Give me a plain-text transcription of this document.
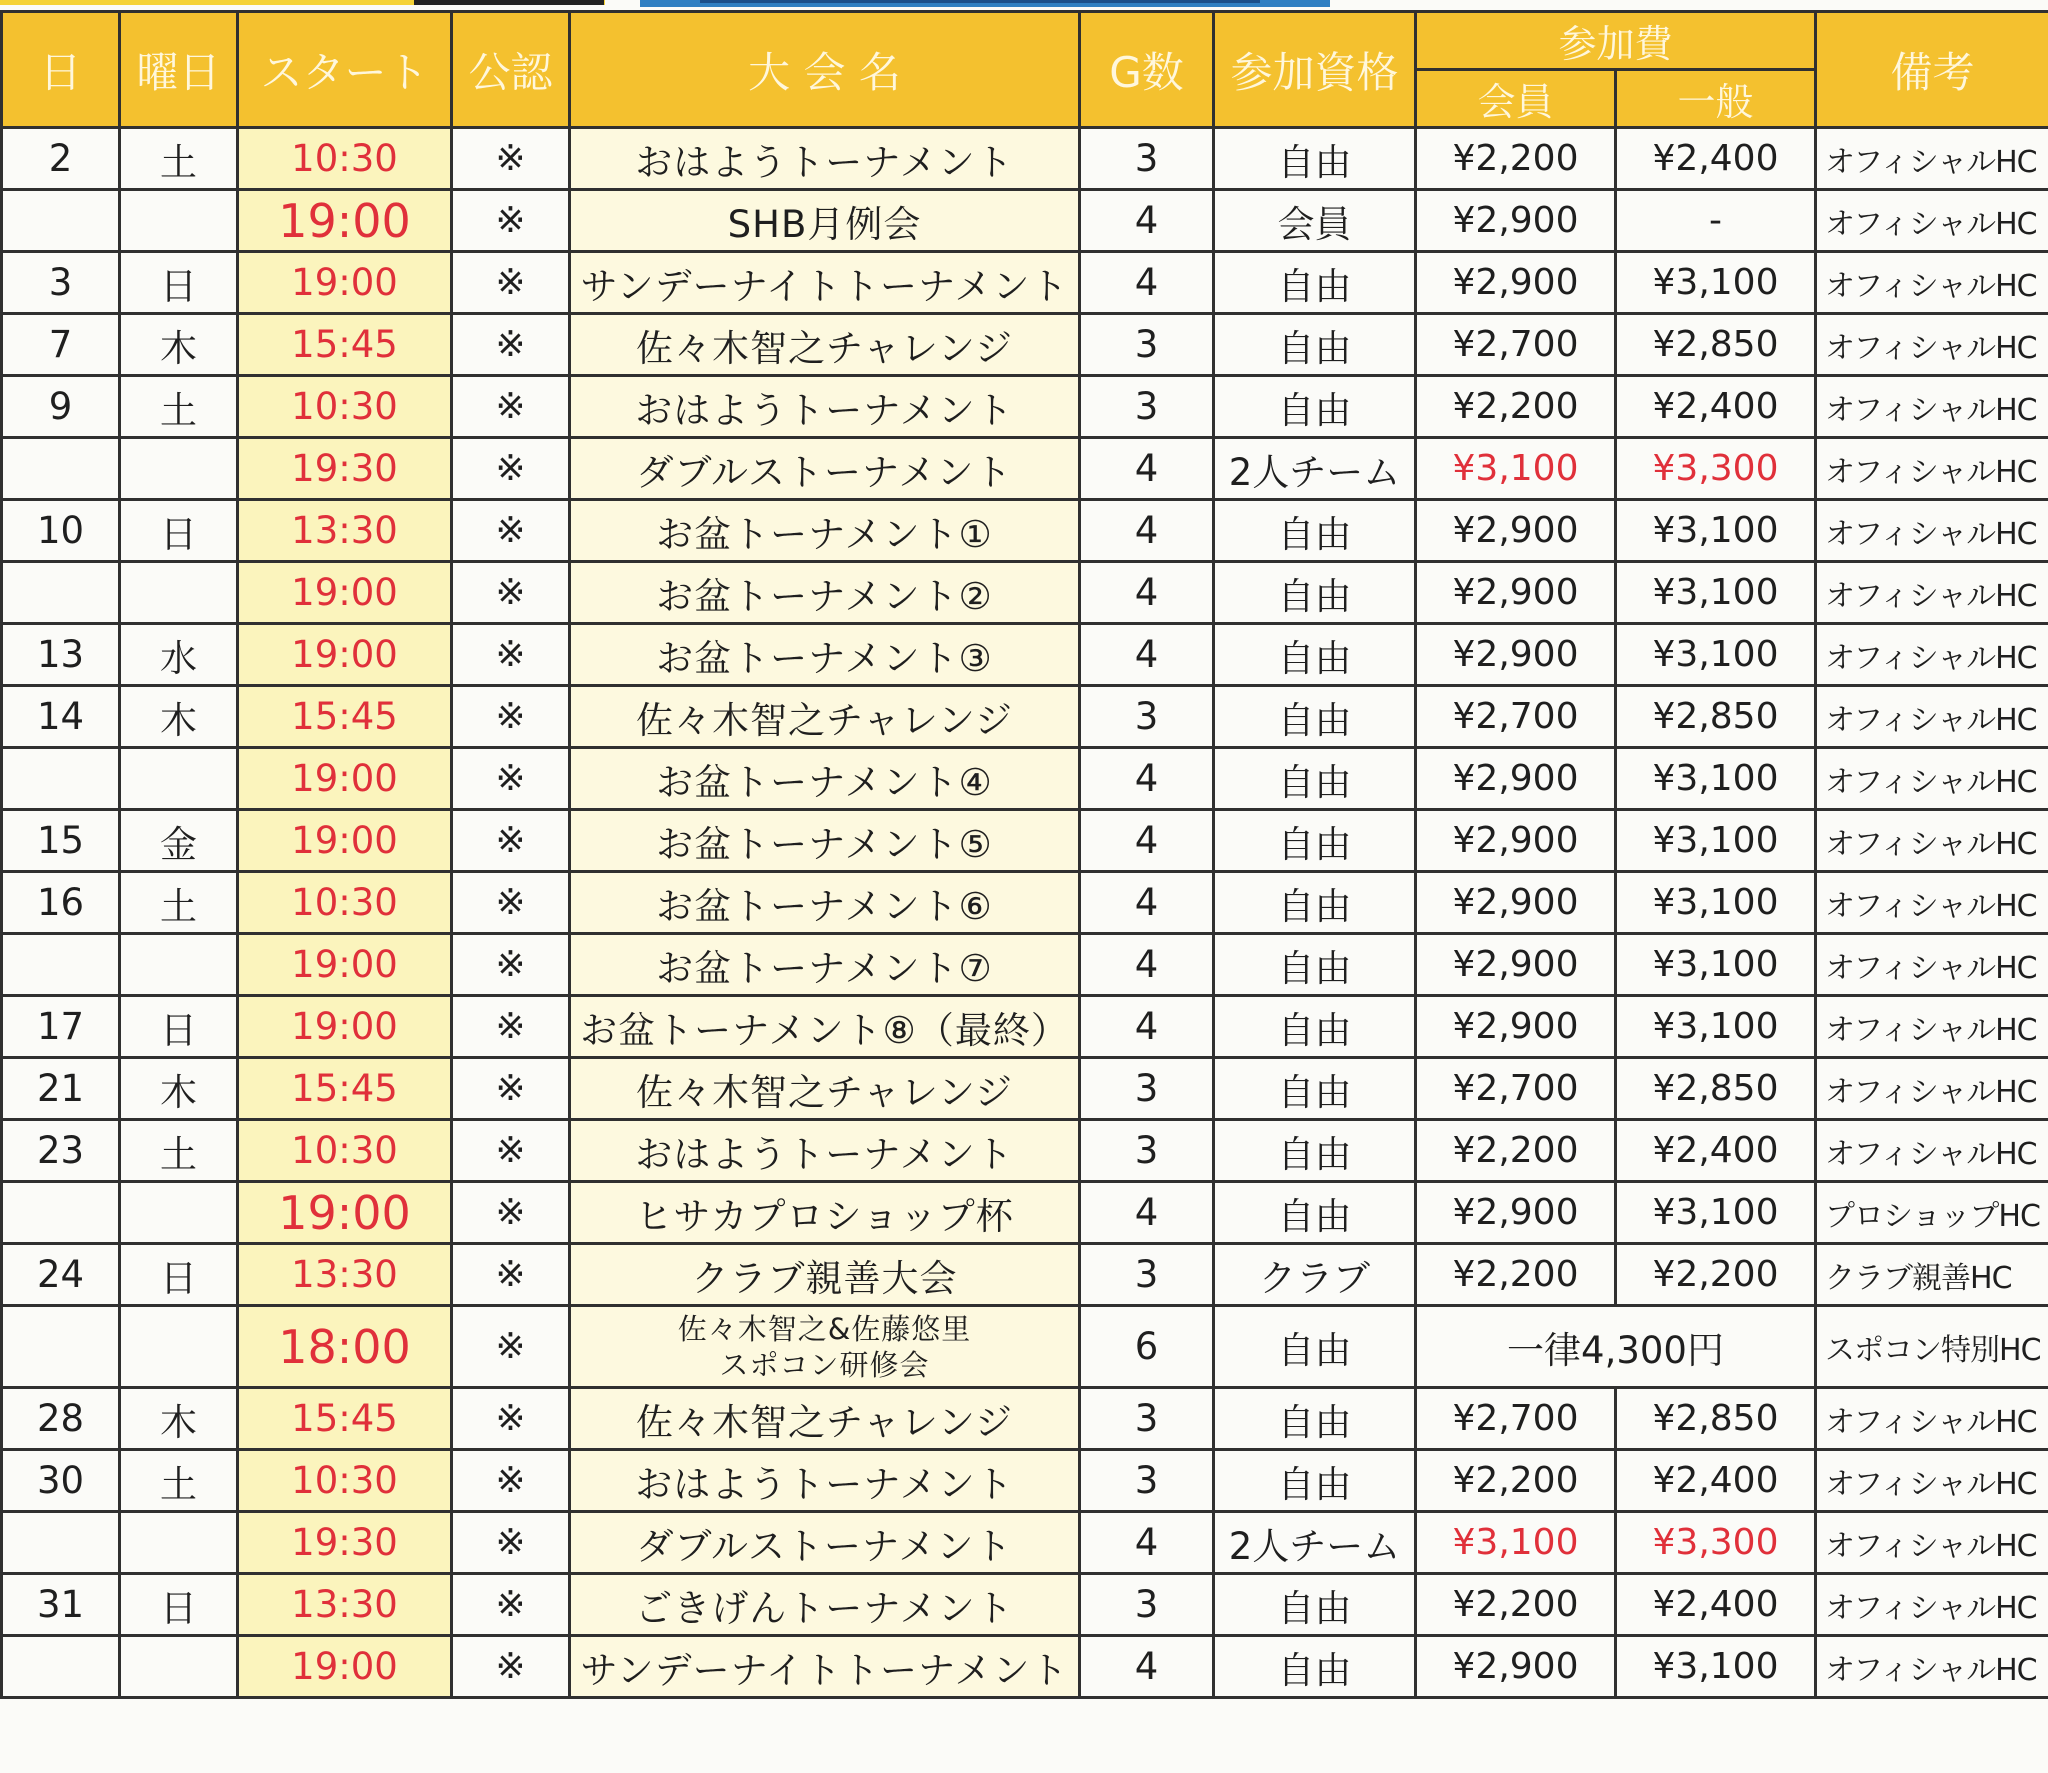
日	曜日	スタート	公認	大 会 名	G数	参加資格	参加費		備考
							会員	一般	
2	土	10:30	※	おはようトーナメント	3	自由	¥2,200	¥2,400	オフィシャルHC
		19:00	※	SHB月例会	4	会員	¥2,900	-	オフィシャルHC
3	日	19:00	※	サンデーナイトトーナメント	4	自由	¥2,900	¥3,100	オフィシャルHC
7	木	15:45	※	佐々木智之チャレンジ	3	自由	¥2,700	¥2,850	オフィシャルHC
9	土	10:30	※	おはようトーナメント	3	自由	¥2,200	¥2,400	オフィシャルHC
		19:30	※	ダブルストーナメント	4	2人チーム	¥3,100	¥3,300	オフィシャルHC
10	日	13:30	※	お盆トーナメント①	4	自由	¥2,900	¥3,100	オフィシャルHC
		19:00	※	お盆トーナメント②	4	自由	¥2,900	¥3,100	オフィシャルHC
13	水	19:00	※	お盆トーナメント③	4	自由	¥2,900	¥3,100	オフィシャルHC
14	木	15:45	※	佐々木智之チャレンジ	3	自由	¥2,700	¥2,850	オフィシャルHC
		19:00	※	お盆トーナメント④	4	自由	¥2,900	¥3,100	オフィシャルHC
15	金	19:00	※	お盆トーナメント⑤	4	自由	¥2,900	¥3,100	オフィシャルHC
16	土	10:30	※	お盆トーナメント⑥	4	自由	¥2,900	¥3,100	オフィシャルHC
		19:00	※	お盆トーナメント⑦	4	自由	¥2,900	¥3,100	オフィシャルHC
17	日	19:00	※	お盆トーナメント⑧（最終）	4	自由	¥2,900	¥3,100	オフィシャルHC
21	木	15:45	※	佐々木智之チャレンジ	3	自由	¥2,700	¥2,850	オフィシャルHC
23	土	10:30	※	おはようトーナメント	3	自由	¥2,200	¥2,400	オフィシャルHC
		19:00	※	ヒサカプロショップ杯	4	自由	¥2,900	¥3,100	プロショップHC
24	日	13:30	※	クラブ親善大会	3	クラブ	¥2,200	¥2,200	クラブ親善HC
		18:00	※	佐々木智之&佐藤悠里
スポコン研修会	6	自由	一律4,300円		スポコン特別HC
28	木	15:45	※	佐々木智之チャレンジ	3	自由	¥2,700	¥2,850	オフィシャルHC
30	土	10:30	※	おはようトーナメント	3	自由	¥2,200	¥2,400	オフィシャルHC
		19:30	※	ダブルストーナメント	4	2人チーム	¥3,100	¥3,300	オフィシャルHC
31	日	13:30	※	ごきげんトーナメント	3	自由	¥2,200	¥2,400	オフィシャルHC
		19:00	※	サンデーナイトトーナメント	4	自由	¥2,900	¥3,100	オフィシャルHC
